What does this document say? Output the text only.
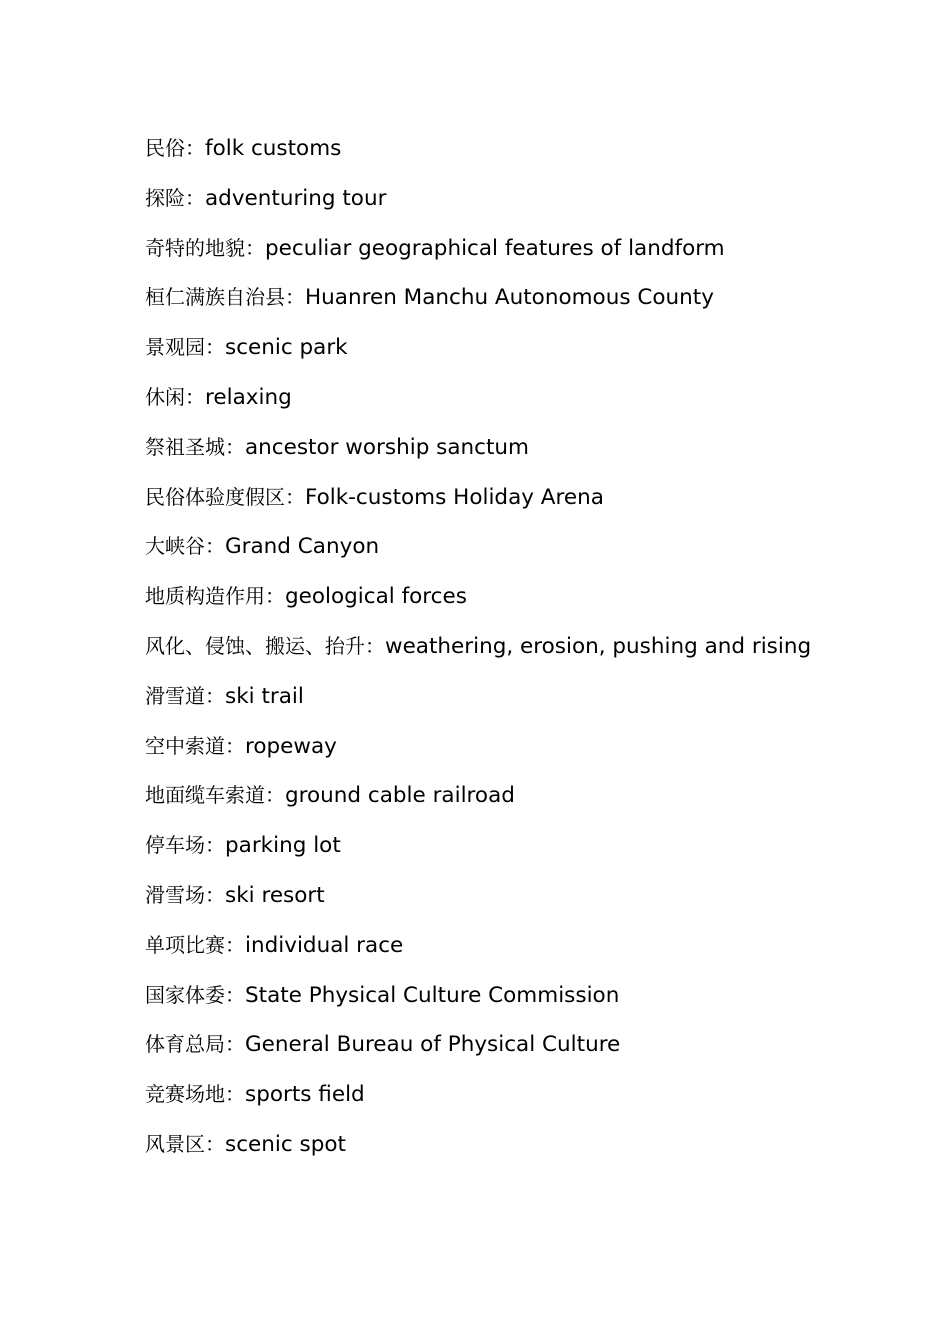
民俗：folk customs
探险：adventuring tour
奇特的地貌：peculiar geographical features of landform
桓仁满族自治县：Huanren Manchu Autonomous County
景观园：scenic park
休闲：relaxing
祭祖圣城：ancestor worship sanctum
民俗体验度假区：Folk-customs Holiday Arena
大峡谷：Grand Canyon
地质构造作用：geological forces
风化、侵蚀、搬运、抬升：weathering, erosion, pushing and rising
滑雪道：ski trail
空中索道：ropeway
地面缆车索道：ground cable railroad
停车场：parking lot
滑雪场：ski resort
单项比赛：individual race
国家体委：State Physical Culture Commission
体育总局：General Bureau of Physical Culture
竞赛场地：sports field
风景区：scenic spot
